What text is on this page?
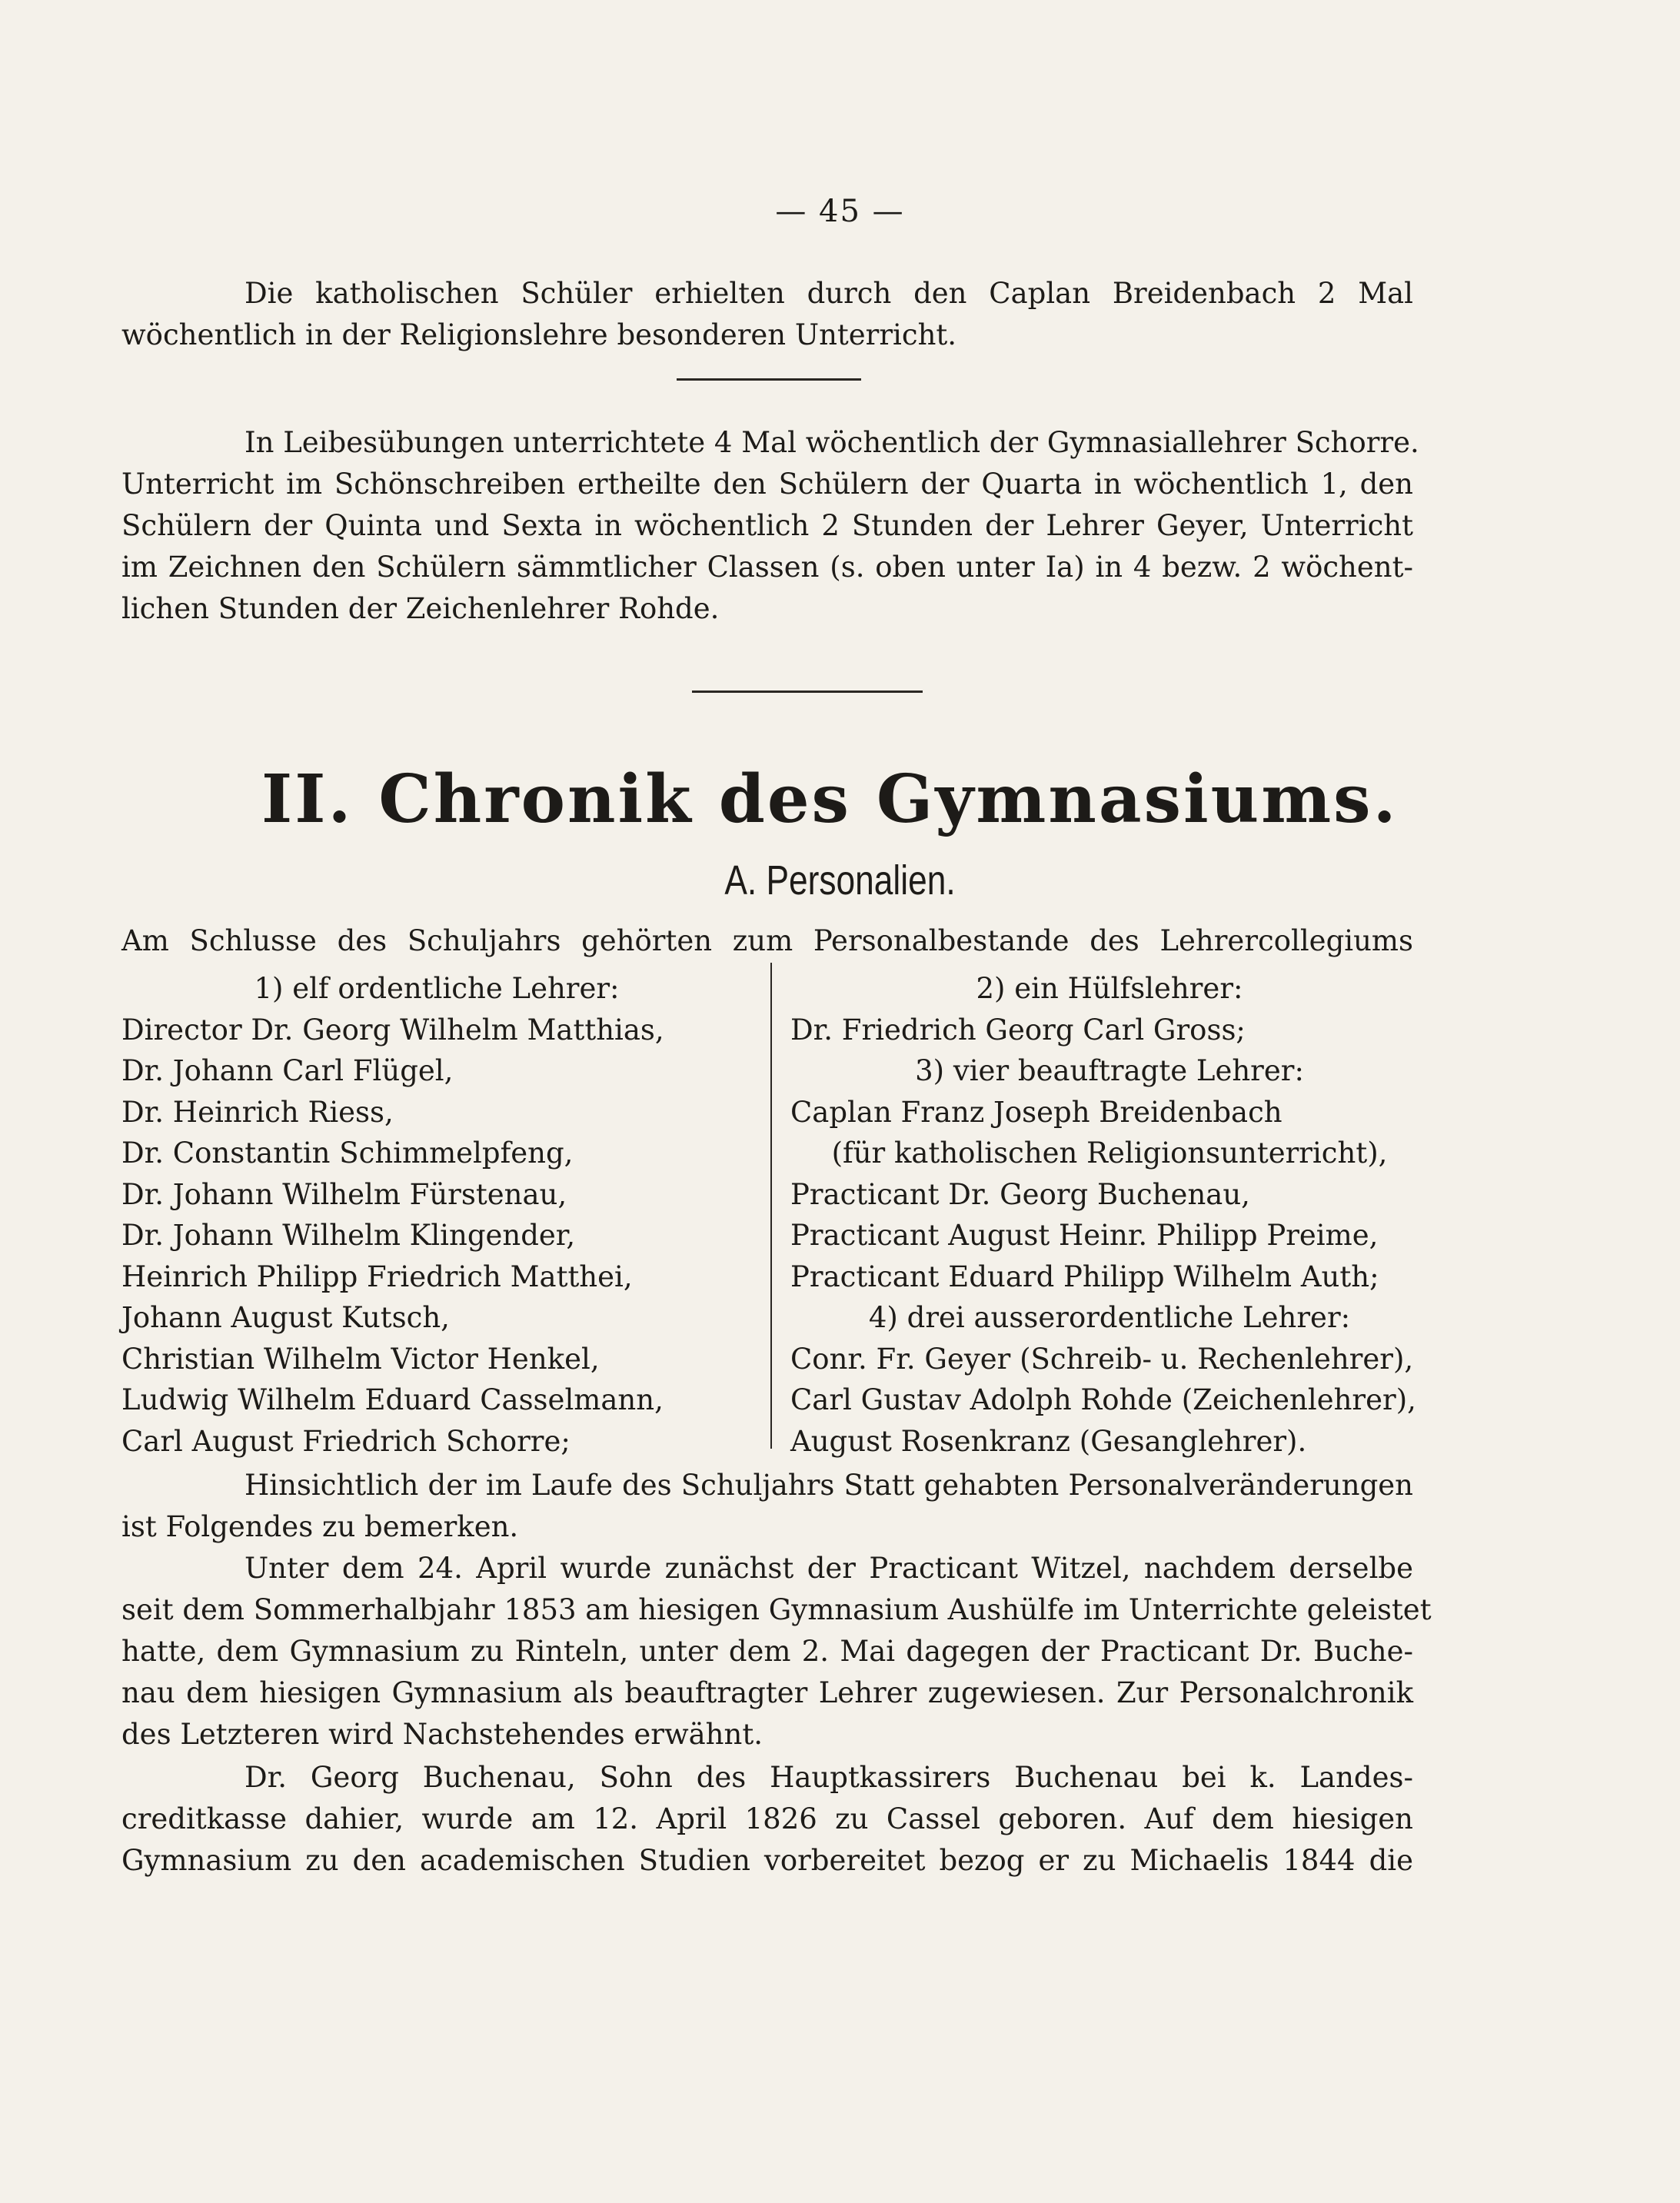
— 45 —
Die katholischen Schüler erhielten durch den Caplan Breidenbach 2 Mal
wöchentlich in der Religionslehre besonderen Unterricht.
In Leibesübungen unterrichtete 4 Mal wöchentlich der Gymnasiallehrer Schorre.
Unterricht im Schönschreiben ertheilte den Schülern der Quarta in wöchentlich 1, den
Schülern der Quinta und Sexta in wöchentlich 2 Stunden der Lehrer Geyer, Unterricht
im Zeichnen den Schülern sämmtlicher Classen (s. oben unter Ia) in 4 bezw. 2 wöchent-
lichen Stunden der Zeichenlehrer Rohde.
II. Chronik des Gymnasiums.
A. Personalien.
Am Schlusse des Schuljahrs gehörten zum Personalbestande des Lehrercollegiums
1) elf ordentliche Lehrer:
Director Dr. Georg Wilhelm Matthias,
Dr. Johann Carl Flügel,
Dr. Heinrich Riess,
Dr. Constantin Schimmelpfeng,
Dr. Johann Wilhelm Fürstenau,
Dr. Johann Wilhelm Klingender,
Heinrich Philipp Friedrich Matthei,
Johann August Kutsch,
Christian Wilhelm Victor Henkel,
Ludwig Wilhelm Eduard Casselmann,
Carl August Friedrich Schorre;
2) ein Hülfslehrer:
Dr. Friedrich Georg Carl Gross;
3) vier beauftragte Lehrer:
Caplan Franz Joseph Breidenbach
(für katholischen Religionsunterricht),
Practicant Dr. Georg Buchenau,
Practicant August Heinr. Philipp Preime,
Practicant Eduard Philipp Wilhelm Auth;
4) drei ausserordentliche Lehrer:
Conr. Fr. Geyer (Schreib- u. Rechenlehrer),
Carl Gustav Adolph Rohde (Zeichenlehrer),
August Rosenkranz (Gesanglehrer).
Hinsichtlich der im Laufe des Schuljahrs Statt gehabten Personalveränderungen
ist Folgendes zu bemerken.
Unter dem 24. April wurde zunächst der Practicant Witzel, nachdem derselbe
seit dem Sommerhalbjahr 1853 am hiesigen Gymnasium Aushülfe im Unterrichte geleistet
hatte, dem Gymnasium zu Rinteln, unter dem 2. Mai dagegen der Practicant Dr. Buche-
nau dem hiesigen Gymnasium als beauftragter Lehrer zugewiesen. Zur Personalchronik
des Letzteren wird Nachstehendes erwähnt.
Dr. Georg Buchenau, Sohn des Hauptkassirers Buchenau bei k. Landes-
creditkasse dahier, wurde am 12. April 1826 zu Cassel geboren. Auf dem hiesigen
Gymnasium zu den academischen Studien vorbereitet bezog er zu Michaelis 1844 die
